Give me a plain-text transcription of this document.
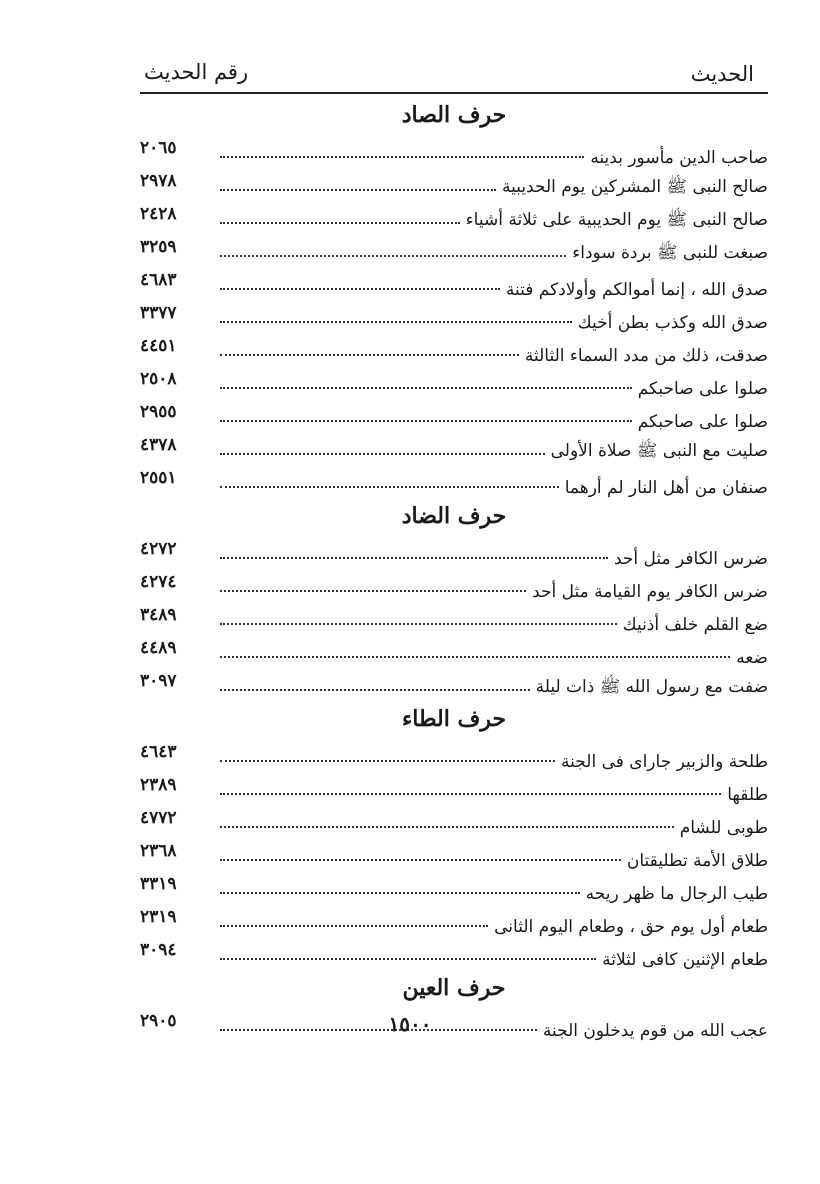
الحديث
رقم الحديث
حرف الصاد
صاحب الدين مأسور بدينه
٢٠٦٥
صالح النبى ﷺ المشركين يوم الحديبية
٢٩٧٨
صالح النبى ﷺ يوم الحديبية على ثلاثة أشياء
٢٤٢٨
صبغت للنبى ﷺ بردة سوداء
٣٢٥٩
صدق الله ، إنما أموالكم وأولادكم فتنة
٤٦٨٣
صدق الله وكذب بطن أخيك
٣٣٧٧
صدقت، ذلك من مدد السماء الثالثة
٤٤٥١
صلوا على صاحبكم
٢٥٠٨
صلوا على صاحبكم
٢٩٥٥
صليت مع النبى ﷺ صلاة الأولى
٤٣٧٨
صنفان من أهل النار لم أرهما
٢٥٥١
حرف الضاد
ضرس الكافر مثل أحد
٤٢٧٢
ضرس الكافر يوم القيامة مثل أحد
٤٢٧٤
ضع القلم خلف أذنيك
٣٤٨٩
ضعه
٤٤٨٩
ضفت مع رسول الله ﷺ ذات ليلة
٣٠٩٧
حرف الطاء
طلحة والزبير جاراى فى الجنة
٤٦٤٣
طلقها
٢٣٨٩
طوبى للشام
٤٧٧٢
طلاق الأمة تطليقتان
٢٣٦٨
طيب الرجال ما ظهر ريحه
٣٣١٩
طعام أول يوم حق ، وطعام اليوم الثانى
٢٣١٩
طعام الإثنين كافى لثلاثة
٣٠٩٤
حرف العين
عجب الله من قوم يدخلون الجنة
٢٩٠٥	١٥٠٠
